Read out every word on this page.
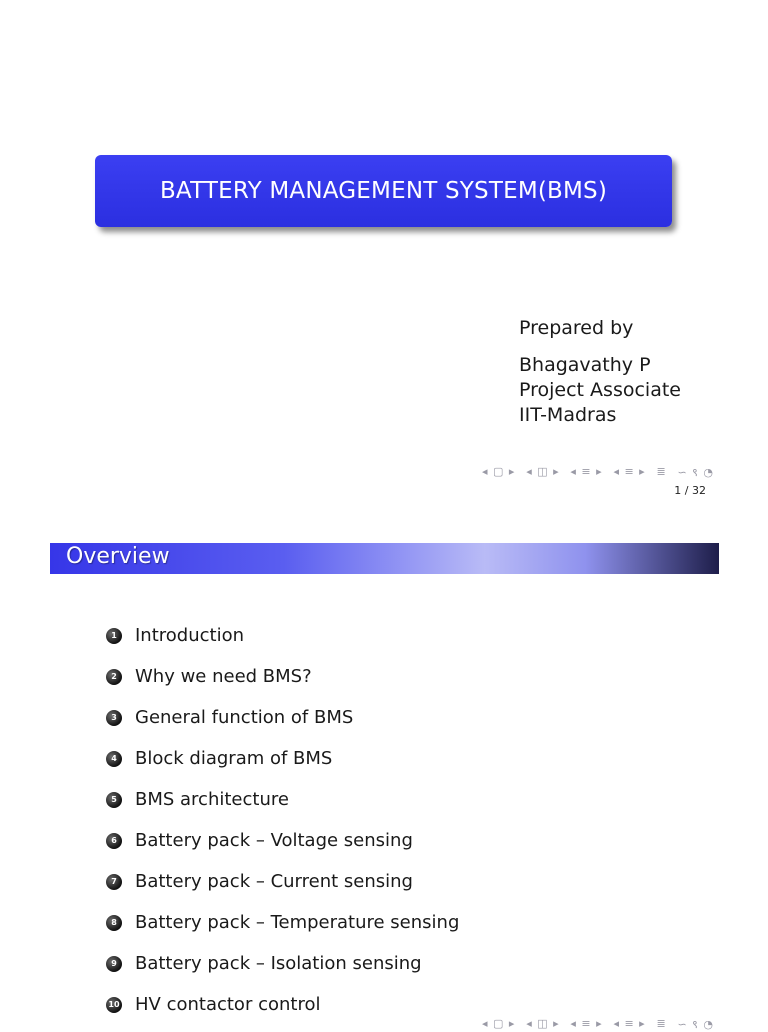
BATTERY MANAGEMENT SYSTEM(BMS)
Prepared by
Bhagavathy P
Project Associate
IIT-Madras
◂ ▢ ▸ ◂ ◫ ▸ ◂ ≡ ▸ ◂ ≡ ▸ ≣ ∽ ९ ◔
1 / 32
Overview
1 Introduction
2 Why we need BMS?
3 General function of BMS
4 Block diagram of BMS
5 BMS architecture
6 Battery pack – Voltage sensing
7 Battery pack – Current sensing
8 Battery pack – Temperature sensing
9 Battery pack – Isolation sensing
10 HV contactor control
◂ ▢ ▸ ◂ ◫ ▸ ◂ ≡ ▸ ◂ ≡ ▸ ≣ ∽ ९ ◔
